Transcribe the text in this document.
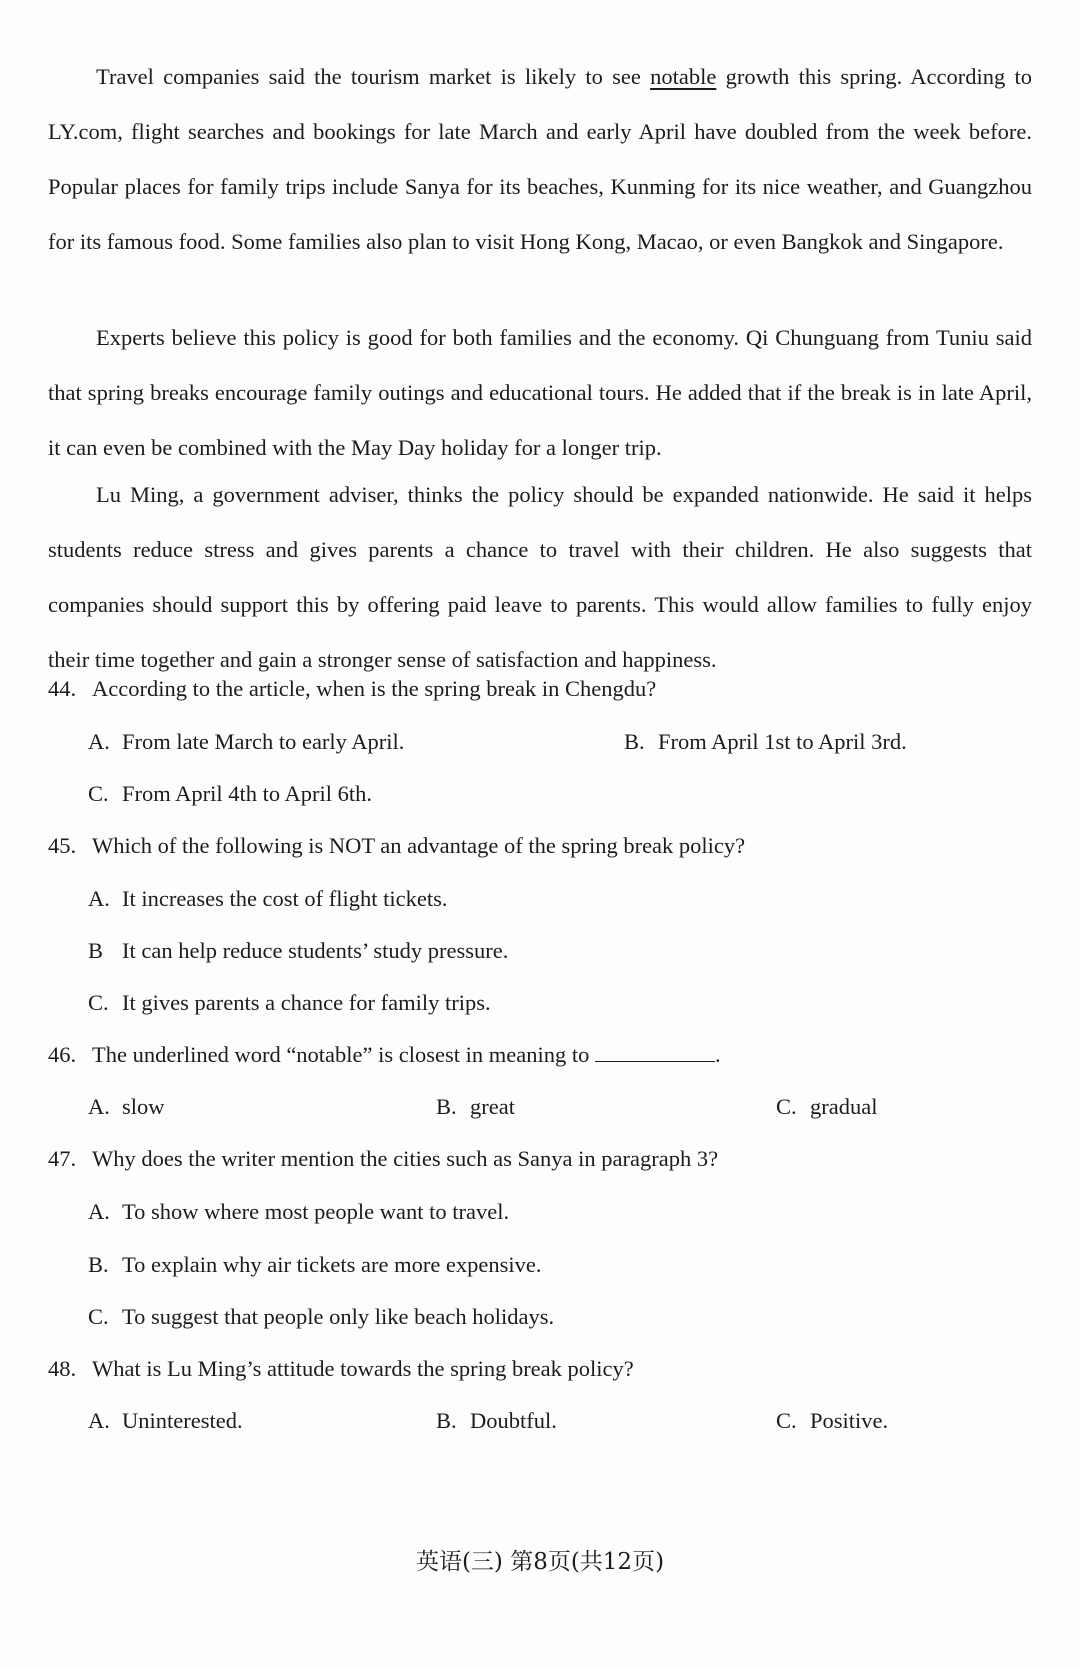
Travel companies said the tourism market is likely to see notable growth this spring. According to LY.com, flight searches and bookings for late March and early April have doubled from the week before. Popular places for family trips include Sanya for its beaches, Kunming for its nice weather, and Guangzhou for its famous food. Some families also plan to visit Hong Kong, Macao, or even Bangkok and Singapore.

Experts believe this policy is good for both families and the economy. Qi Chunguang from Tuniu said that spring breaks encourage family outings and educational tours. He added that if the break is in late April, it can even be combined with the May Day holiday for a longer trip.

Lu Ming, a government adviser, thinks the policy should be expanded nationwide. He said it helps students reduce stress and gives parents a chance to travel with their children. He also suggests that companies should support this by offering paid leave to parents. This would allow families to fully enjoy their time together and gain a stronger sense of satisfaction and happiness.

44. According to the article, when is the spring break in Chengdu?
A. From late March to early April.	B. From April 1st to April 3rd.
C. From April 4th to April 6th.
45. Which of the following is NOT an advantage of the spring break policy?
A. It increases the cost of flight tickets.
B It can help reduce students’ study pressure.
C. It gives parents a chance for family trips.
46. The underlined word “notable” is closest in meaning to	.
A. slow	B. great	C. gradual
47. Why does the writer mention the cities such as Sanya in paragraph 3?
A. To show where most people want to travel.
B. To explain why air tickets are more expensive.
C. To suggest that people only like beach holidays.
48. What is Lu Ming’s attitude towards the spring break policy?
A. Uninterested.	B. Doubtful.	C. Positive.
英语(三) 第8页(共12页)
